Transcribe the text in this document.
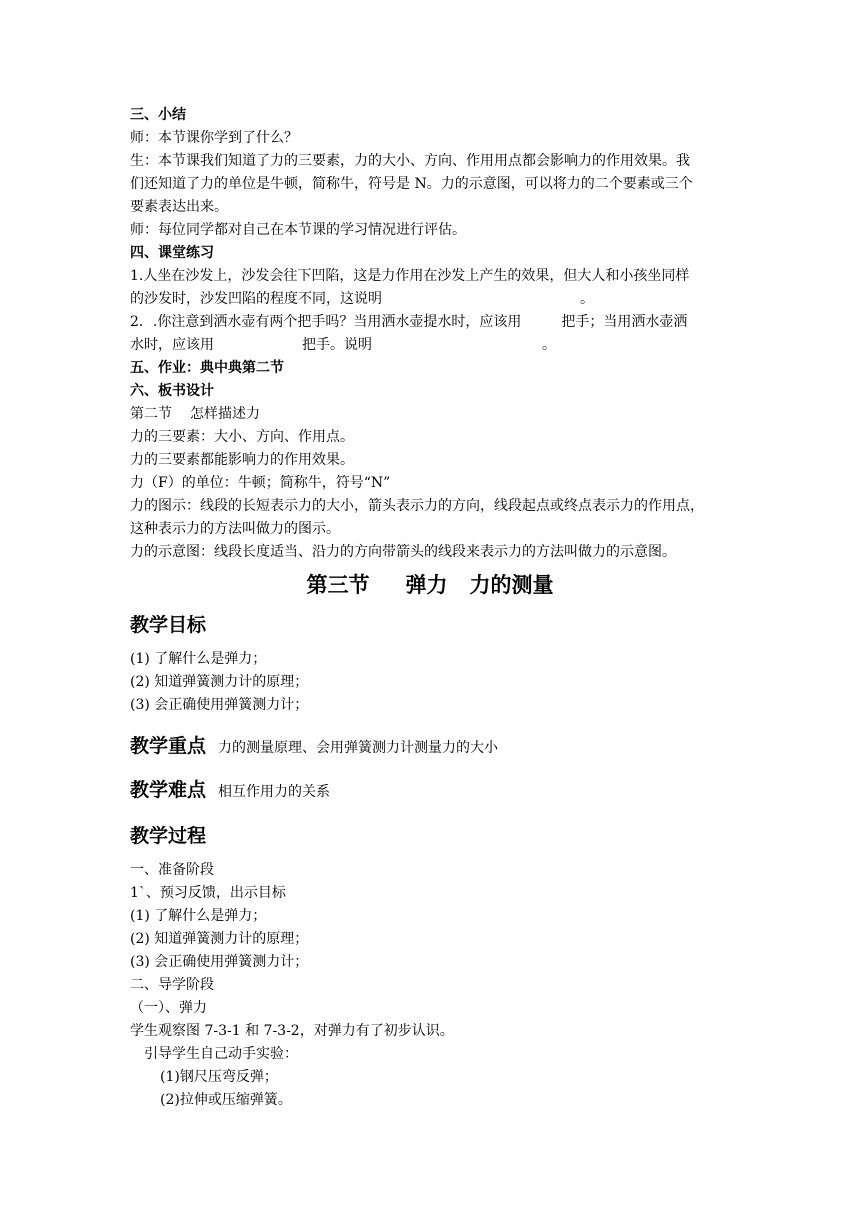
三、小结
师：本节课你学到了什么？
生：本节课我们知道了力的三要素，力的大小、方向、作用用点都会影响力的作用效果。我
们还知道了力的单位是牛顿，简称牛，符号是 N。力的示意图，可以将力的二个要素或三个
要素表达出来。
师：每位同学都对自己在本节课的学习情况进行评估。
四、课堂练习
1.人坐在沙发上，沙发会往下凹陷，这是力作用在沙发上产生的效果，但大人和小孩坐同样
的沙发时，沙发凹陷的程度不同，这说明	。
2．.你注意到洒水壶有两个把手吗？当用洒水壶提水时，应该用	把手；当用洒水壶洒
水时，应该用	把手。说明	。
五、作业：典中典第二节
六、板书设计
第二节 怎样描述力
力的三要素：大小、方向、作用点。
力的三要素都能影响力的作用效果。
力（F）的单位：牛顿；简称牛，符号“N”
力的图示：线段的长短表示力的大小，箭头表示力的方向，线段起点或终点表示力的作用点，
这种表示力的方法叫做力的图示。
力的示意图：线段长度适当、沿力的方向带箭头的线段来表示力的方法叫做力的示意图。
第三节 弹力 力的测量
教学目标
(1) 了解什么是弹力；
(2) 知道弹簧测力计的原理；
(3) 会正确使用弹簧测力计；
教学重点 力的测量原理、会用弹簧测力计测量力的大小
教学难点 相互作用力的关系
教学过程
一、准备阶段
1`、预习反馈，出示目标
(1) 了解什么是弹力；
(2) 知道弹簧测力计的原理；
(3) 会正确使用弹簧测力计；
二、导学阶段
（一）、弹力
学生观察图 7-3-1 和 7-3-2，对弹力有了初步认识。
引导学生自己动手实验：
(1)钢尺压弯反弹；
(2)拉伸或压缩弹簧。
